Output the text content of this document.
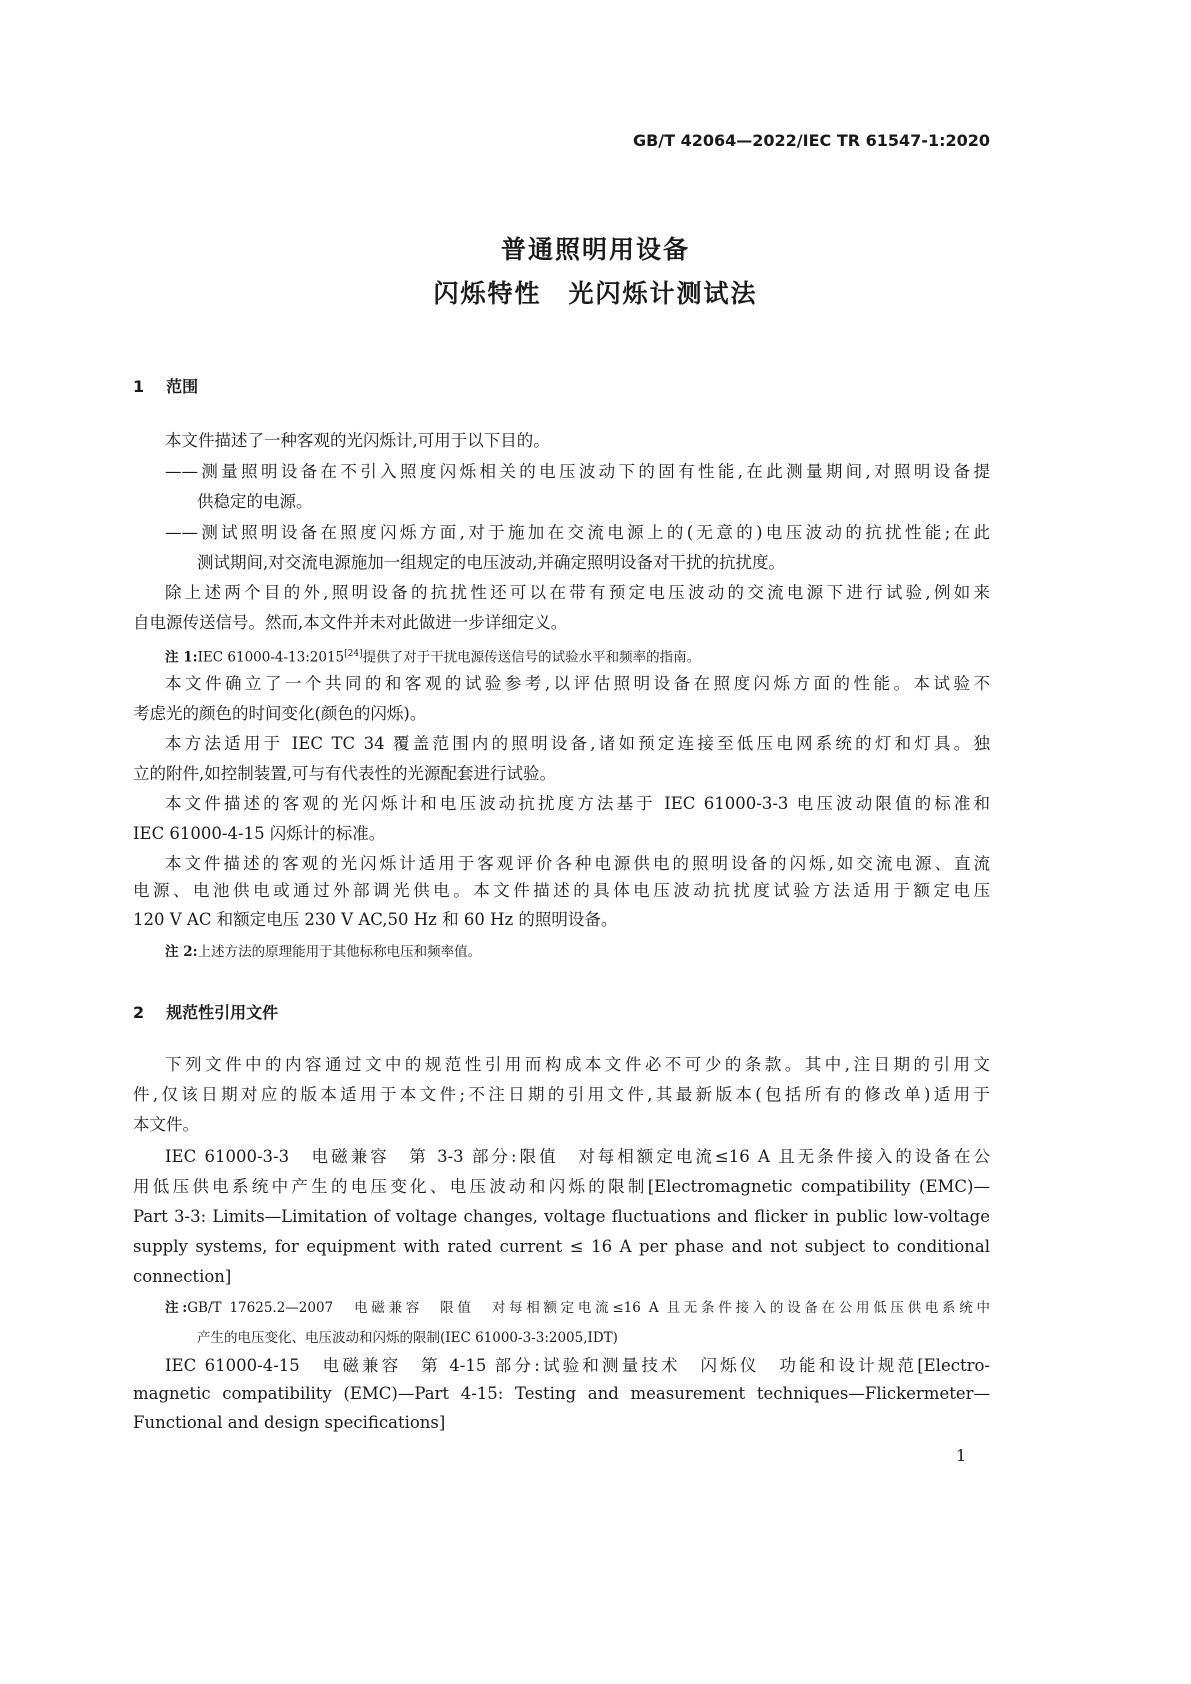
GB/T 42064—2022/IEC TR 61547-1:2020
普通照明用设备
闪烁特性　光闪烁计测试法
1 范围
本文件描述了一种客观的光闪烁计,可用于以下目的。
——测量照明设备在不引入照度闪烁相关的电压波动下的固有性能,在此测量期间,对照明设备提
供稳定的电源。
——测试照明设备在照度闪烁方面,对于施加在交流电源上的(无意的)电压波动的抗扰性能;在此
测试期间,对交流电源施加一组规定的电压波动,并确定照明设备对干扰的抗扰度。
除上述两个目的外,照明设备的抗扰性还可以在带有预定电压波动的交流电源下进行试验,例如来
自电源传送信号。然而,本文件并未对此做进一步详细定义。
注 1:IEC 61000-4-13:2015[24]提供了对于干扰电源传送信号的试验水平和频率的指南。
本文件确立了一个共同的和客观的试验参考,以评估照明设备在照度闪烁方面的性能。本试验不
考虑光的颜色的时间变化(颜色的闪烁)。
本方法适用于 IEC TC 34 覆盖范围内的照明设备,诸如预定连接至低压电网系统的灯和灯具。独
立的附件,如控制装置,可与有代表性的光源配套进行试验。
本文件描述的客观的光闪烁计和电压波动抗扰度方法基于 IEC 61000-3-3 电压波动限值的标准和
IEC 61000-4-15 闪烁计的标准。
本文件描述的客观的光闪烁计适用于客观评价各种电源供电的照明设备的闪烁,如交流电源、直流
电源、电池供电或通过外部调光供电。本文件描述的具体电压波动抗扰度试验方法适用于额定电压
120 V AC 和额定电压 230 V AC,50 Hz 和 60 Hz 的照明设备。
注 2:上述方法的原理能用于其他标称电压和频率值。
2 规范性引用文件
下列文件中的内容通过文中的规范性引用而构成本文件必不可少的条款。其中,注日期的引用文
件,仅该日期对应的版本适用于本文件;不注日期的引用文件,其最新版本(包括所有的修改单)适用于
本文件。
IEC 61000-3-3　电磁兼容　第 3-3 部分:限值　对每相额定电流≤16 A 且无条件接入的设备在公
用低压供电系统中产生的电压变化、电压波动和闪烁的限制[Electromagnetic compatibility (EMC)—
Part 3-3: Limits—Limitation of voltage changes, voltage fluctuations and flicker in public low-voltage
supply systems, for equipment with rated current ≤ 16 A per phase and not subject to conditional
connection]
注:GB/T 17625.2—2007　电磁兼容　限值　对每相额定电流≤16 A 且无条件接入的设备在公用低压供电系统中
产生的电压变化、电压波动和闪烁的限制(IEC 61000-3-3:2005,IDT)
IEC 61000-4-15　电磁兼容　第 4-15 部分:试验和测量技术　闪烁仪　功能和设计规范[Electro-
magnetic compatibility (EMC)—Part 4-15: Testing and measurement techniques—Flickermeter—
Functional and design specifications]
1
